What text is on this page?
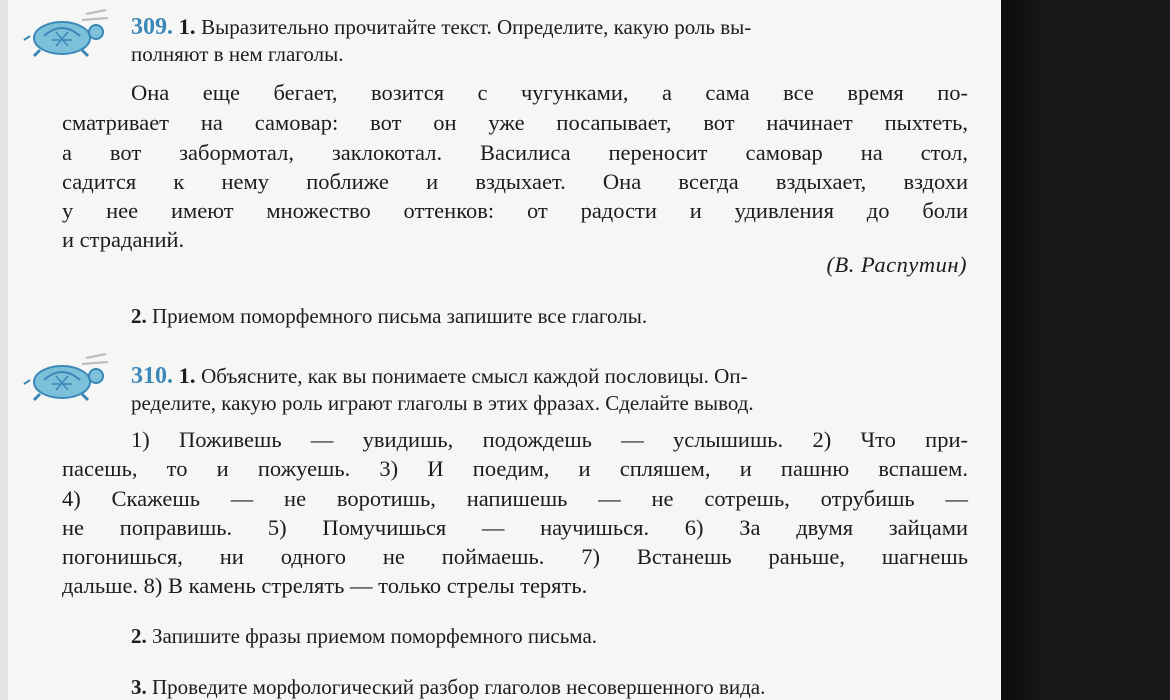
309. 1. Выразительно прочитайте текст. Определите, какую роль вы-
полняют в нем глаголы.
Она еще бегает, возится с чугунками, а сама все время по-
сматривает на самовар: вот он уже посапывает, вот начинает пыхтеть,
а вот забормотал, заклокотал. Василиса переносит самовар на стол,
садится к нему поближе и вздыхает. Она всегда вздыхает, вздохи
у нее имеют множество оттенков: от радости и удивления до боли
и страданий.
(В. Распутин)
2. Приемом поморфемного письма запишите все глаголы.
310. 1. Объясните, как вы понимаете смысл каждой пословицы. Оп-
ределите, какую роль играют глаголы в этих фразах. Сделайте вывод.
1) Поживешь — увидишь, подождешь — услышишь. 2) Что при-
пасешь, то и пожуешь. 3) И поедим, и спляшем, и пашню вспашем.
4) Скажешь — не воротишь, напишешь — не сотрешь, отрубишь —
не поправишь. 5) Помучишься — научишься. 6) За двумя зайцами
погонишься, ни одного не поймаешь. 7) Встанешь раньше, шагнешь
дальше. 8) В камень стрелять — только стрелы терять.
2. Запишите фразы приемом поморфемного письма.
3. Проведите морфологический разбор глаголов несовершенного вида.
